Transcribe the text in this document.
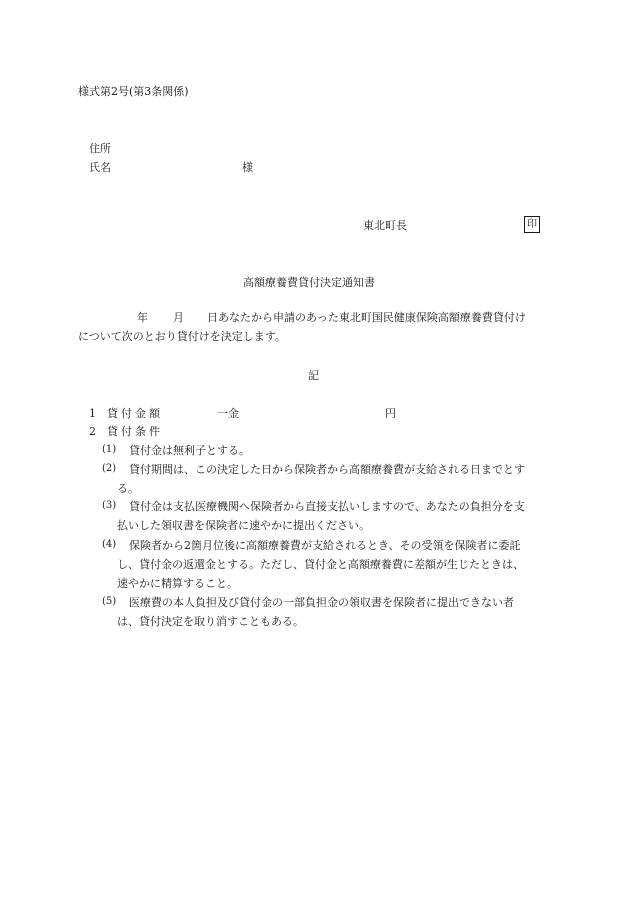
様式第2号(第3条関係)
住所
氏名	様
東北町長	印
高額療養費貸付決定通知書
年 月 日あなたから申請のあった東北町国民健康保険高額療養費貸付け
について次のとおり貸付けを決定します。
記
1 貸付金額	一金	円
2 貸付条件
(1) 貸付金は無利子とする。
(2) 貸付期間は、この決定した日から保険者から高額療養費が支給される日までとす
る。
(3) 貸付金は支払医療機関へ保険者から直接支払いしますので、あなたの負担分を支
払いした領収書を保険者に速やかに提出ください。
(4) 保険者から2箇月位後に高額療養費が支給されるとき、その受領を保険者に委託
し、貸付金の返還金とする。ただし、貸付金と高額療養費に差額が生じたときは、
速やかに精算すること。
(5) 医療費の本人負担及び貸付金の一部負担金の領収書を保険者に提出できない者
は、貸付決定を取り消すこともある。
